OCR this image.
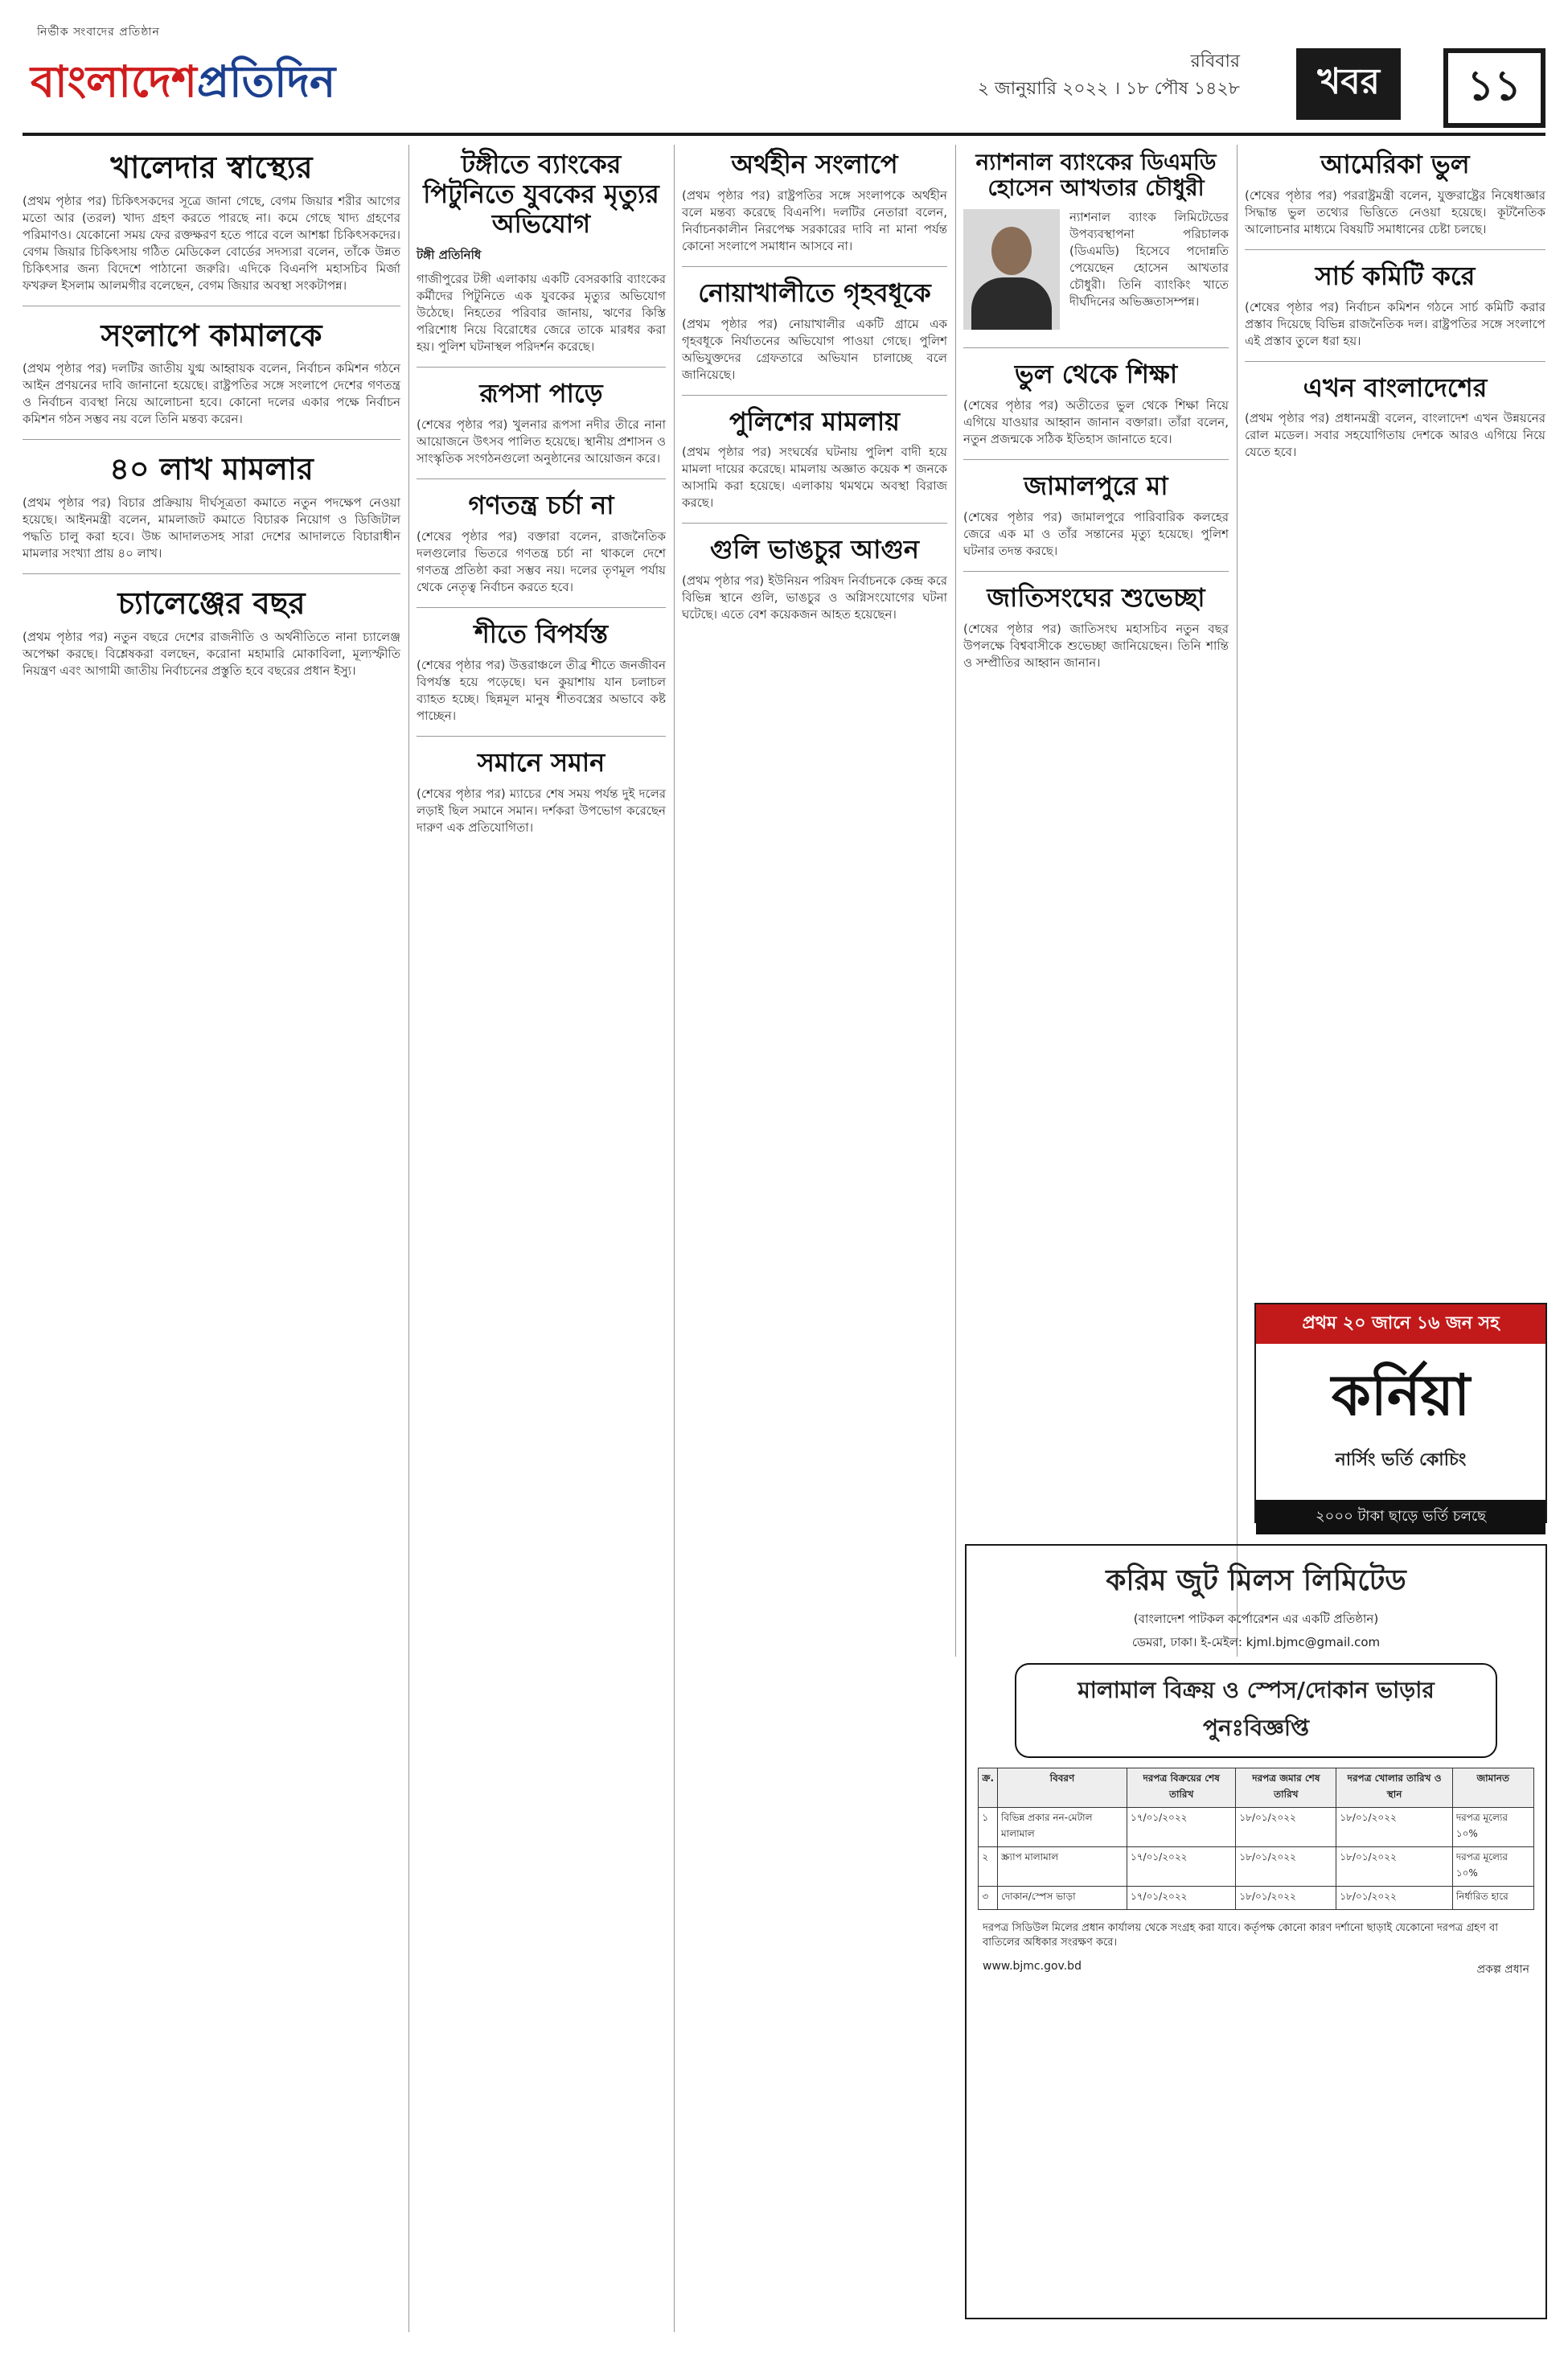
নির্ভীক সংবাদের প্রতিষ্ঠান
বাংলাদেশপ্রতিদিন	রবিবার
২ জানুয়ারি ২০২২ । ১৮ পৌষ ১৪২৮	খবর	১১
খালেদার স্বাস্থ্যের

(প্রথম পৃষ্ঠার পর) চিকিৎসকদের সূত্রে জানা গেছে, বেগম জিয়ার শরীর আগের মতো আর (তরল) খাদ্য গ্রহণ করতে পারছে না। কমে গেছে খাদ্য গ্রহণের পরিমাণও। যেকোনো সময় ফের রক্তক্ষরণ হতে পারে বলে আশঙ্কা চিকিৎসকদের। বেগম জিয়ার চিকিৎসায় গঠিত মেডিকেল বোর্ডের সদস্যরা বলেন, তাঁকে উন্নত চিকিৎসার জন্য বিদেশে পাঠানো জরুরি। এদিকে বিএনপি মহাসচিব মির্জা ফখরুল ইসলাম আলমগীর বলেছেন, বেগম জিয়ার অবস্থা সংকটাপন্ন।

সংলাপে কামালকে

(প্রথম পৃষ্ঠার পর) দলটির জাতীয় যুগ্ম আহ্বায়ক বলেন, নির্বাচন কমিশন গঠনে আইন প্রণয়নের দাবি জানানো হয়েছে। রাষ্ট্রপতির সঙ্গে সংলাপে দেশের গণতন্ত্র ও নির্বাচন ব্যবস্থা নিয়ে আলোচনা হবে। কোনো দলের একার পক্ষে নির্বাচন কমিশন গঠন সম্ভব নয় বলে তিনি মন্তব্য করেন।

৪০ লাখ মামলার

(প্রথম পৃষ্ঠার পর) বিচার প্রক্রিয়ায় দীর্ঘসূত্রতা কমাতে নতুন পদক্ষেপ নেওয়া হয়েছে। আইনমন্ত্রী বলেন, মামলাজট কমাতে বিচারক নিয়োগ ও ডিজিটাল পদ্ধতি চালু করা হবে। উচ্চ আদালতসহ সারা দেশের আদালতে বিচারাধীন মামলার সংখ্যা প্রায় ৪০ লাখ।

চ্যালেঞ্জের বছর

(প্রথম পৃষ্ঠার পর) নতুন বছরে দেশের রাজনীতি ও অর্থনীতিতে নানা চ্যালেঞ্জ অপেক্ষা করছে। বিশ্লেষকরা বলছেন, করোনা মহামারি মোকাবিলা, মূল্যস্ফীতি নিয়ন্ত্রণ এবং আগামী জাতীয় নির্বাচনের প্রস্তুতি হবে বছরের প্রধান ইস্যু।

টঙ্গীতে ব্যাংকের পিটুনিতে যুবকের মৃত্যুর অভিযোগ
টঙ্গী প্রতিনিধি

গাজীপুরের টঙ্গী এলাকায় একটি বেসরকারি ব্যাংকের কর্মীদের পিটুনিতে এক যুবকের মৃত্যুর অভিযোগ উঠেছে। নিহতের পরিবার জানায়, ঋণের কিস্তি পরিশোধ নিয়ে বিরোধের জেরে তাকে মারধর করা হয়। পুলিশ ঘটনাস্থল পরিদর্শন করেছে।

রূপসা পাড়ে

(শেষের পৃষ্ঠার পর) খুলনার রূপসা নদীর তীরে নানা আয়োজনে উৎসব পালিত হয়েছে। স্থানীয় প্রশাসন ও সাংস্কৃতিক সংগঠনগুলো অনুষ্ঠানের আয়োজন করে।

গণতন্ত্র চর্চা না

(শেষের পৃষ্ঠার পর) বক্তারা বলেন, রাজনৈতিক দলগুলোর ভিতরে গণতন্ত্র চর্চা না থাকলে দেশে গণতন্ত্র প্রতিষ্ঠা করা সম্ভব নয়। দলের তৃণমূল পর্যায় থেকে নেতৃত্ব নির্বাচন করতে হবে।

শীতে বিপর্যস্ত

(শেষের পৃষ্ঠার পর) উত্তরাঞ্চলে তীব্র শীতে জনজীবন বিপর্যস্ত হয়ে পড়েছে। ঘন কুয়াশায় যান চলাচল ব্যাহত হচ্ছে। ছিন্নমূল মানুষ শীতবস্ত্রের অভাবে কষ্ট পাচ্ছেন।

সমানে সমান

(শেষের পৃষ্ঠার পর) ম্যাচের শেষ সময় পর্যন্ত দুই দলের লড়াই ছিল সমানে সমান। দর্শকরা উপভোগ করেছেন দারুণ এক প্রতিযোগিতা।

অর্থহীন সংলাপে

(প্রথম পৃষ্ঠার পর) রাষ্ট্রপতির সঙ্গে সংলাপকে অর্থহীন বলে মন্তব্য করেছে বিএনপি। দলটির নেতারা বলেন, নির্বাচনকালীন নিরপেক্ষ সরকারের দাবি না মানা পর্যন্ত কোনো সংলাপে সমাধান আসবে না।

নোয়াখালীতে গৃহবধূকে

(প্রথম পৃষ্ঠার পর) নোয়াখালীর একটি গ্রামে এক গৃহবধূকে নির্যাতনের অভিযোগ পাওয়া গেছে। পুলিশ অভিযুক্তদের গ্রেফতারে অভিযান চালাচ্ছে বলে জানিয়েছে।

পুলিশের মামলায়

(প্রথম পৃষ্ঠার পর) সংঘর্ষের ঘটনায় পুলিশ বাদী হয়ে মামলা দায়ের করেছে। মামলায় অজ্ঞাত কয়েক শ জনকে আসামি করা হয়েছে। এলাকায় থমথমে অবস্থা বিরাজ করছে।

গুলি ভাঙচুর আগুন

(প্রথম পৃষ্ঠার পর) ইউনিয়ন পরিষদ নির্বাচনকে কেন্দ্র করে বিভিন্ন স্থানে গুলি, ভাঙচুর ও অগ্নিসংযোগের ঘটনা ঘটেছে। এতে বেশ কয়েকজন আহত হয়েছেন।

ন্যাশনাল ব্যাংকের ডিএমডি হোসেন আখতার চৌধুরী

ন্যাশনাল ব্যাংক লিমিটেডের উপব্যবস্থাপনা পরিচালক (ডিএমডি) হিসেবে পদোন্নতি পেয়েছেন হোসেন আখতার চৌধুরী। তিনি ব্যাংকিং খাতে দীর্ঘদিনের অভিজ্ঞতাসম্পন্ন।

ভুল থেকে শিক্ষা

(শেষের পৃষ্ঠার পর) অতীতের ভুল থেকে শিক্ষা নিয়ে এগিয়ে যাওয়ার আহ্বান জানান বক্তারা। তাঁরা বলেন, নতুন প্রজন্মকে সঠিক ইতিহাস জানাতে হবে।

জামালপুরে মা

(শেষের পৃষ্ঠার পর) জামালপুরে পারিবারিক কলহের জেরে এক মা ও তাঁর সন্তানের মৃত্যু হয়েছে। পুলিশ ঘটনার তদন্ত করছে।

জাতিসংঘের শুভেচ্ছা

(শেষের পৃষ্ঠার পর) জাতিসংঘ মহাসচিব নতুন বছর উপলক্ষে বিশ্ববাসীকে শুভেচ্ছা জানিয়েছেন। তিনি শান্তি ও সম্প্রীতির আহ্বান জানান।

আমেরিকা ভুল

(শেষের পৃষ্ঠার পর) পররাষ্ট্রমন্ত্রী বলেন, যুক্তরাষ্ট্রের নিষেধাজ্ঞার সিদ্ধান্ত ভুল তথ্যের ভিত্তিতে নেওয়া হয়েছে। কূটনৈতিক আলোচনার মাধ্যমে বিষয়টি সমাধানের চেষ্টা চলছে।

সার্চ কমিটি করে

(শেষের পৃষ্ঠার পর) নির্বাচন কমিশন গঠনে সার্চ কমিটি করার প্রস্তাব দিয়েছে বিভিন্ন রাজনৈতিক দল। রাষ্ট্রপতির সঙ্গে সংলাপে এই প্রস্তাব তুলে ধরা হয়।

এখন বাংলাদেশের

(প্রথম পৃষ্ঠার পর) প্রধানমন্ত্রী বলেন, বাংলাদেশ এখন উন্নয়নের রোল মডেল। সবার সহযোগিতায় দেশকে আরও এগিয়ে নিয়ে যেতে হবে।

প্রথম ২০ জানে ১৬ জন সহ
কর্নিয়া
নার্সিং ভর্তি কোচিং
২০০০ টাকা ছাড়ে ভর্তি চলছে
করিম জুট মিলস লিমিটেড
(বাংলাদেশ পাটকল কর্পোরেশন এর একটি প্রতিষ্ঠান)
ডেমরা, ঢাকা। ই-মেইল: kjml.bjmc@gmail.com
মালামাল বিক্রয় ও স্পেস/দোকান ভাড়ার পুনঃবিজ্ঞপ্তি
ক্র.	বিবরণ	দরপত্র বিক্রয়ের শেষ তারিখ	দরপত্র জমার শেষ তারিখ	দরপত্র খোলার তারিখ ও স্থান	জামানত
১	বিভিন্ন প্রকার নন-মেটাল মালামাল	১৭/০১/২০২২	১৮/০১/২০২২	১৮/০১/২০২২	দরপত্র মূল্যের ১০%
২	স্ক্র্যাপ মালামাল	১৭/০১/২০২২	১৮/০১/২০২২	১৮/০১/২০২২	দরপত্র মূল্যের ১০%
৩	দোকান/স্পেস ভাড়া	১৭/০১/২০২২	১৮/০১/২০২২	১৮/০১/২০২২	নির্ধারিত হারে
দরপত্র সিডিউল মিলের প্রধান কার্যালয় থেকে সংগ্রহ করা যাবে। কর্তৃপক্ষ কোনো কারণ দর্শানো ছাড়াই যেকোনো দরপত্র গ্রহণ বা বাতিলের অধিকার সংরক্ষণ করে।
www.bjmc.gov.bd	প্রকল্প প্রধান
